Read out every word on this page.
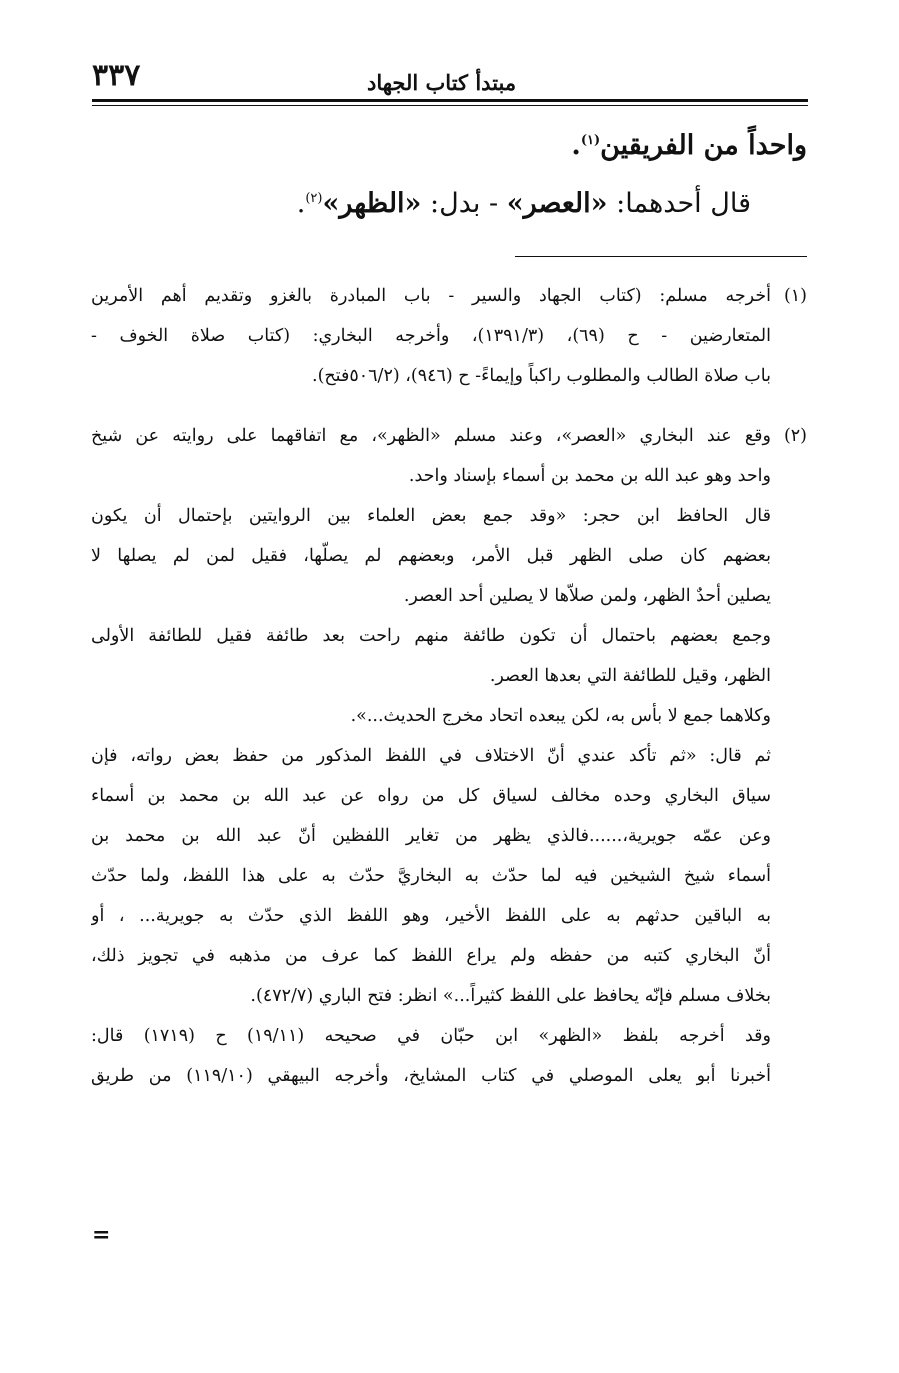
٣٣٧	مبتدأ كتاب الجهاد
واحداً من الفريقين$^{(١)}$.
قال أحدهما: «العصر» - بدل: «الظهر»$^{(٢)}$.
(١)أخرجه مسلم: (كتاب الجهاد والسير - باب المبادرة بالغزو وتقديم أهم الأمرين
المتعارضين - ح (٦٩)، (١٣٩١/٣)، وأخرجه البخاري: (كتاب صلاة الخوف -
باب صلاة الطالب والمطلوب راكباً وإيماءً- ح (٩٤٦)، (٥٠٦/٢فتح).
(٢)وقع عند البخاري «العصر»، وعند مسلم «الظهر»، مع اتفاقهما على روايته عن شيخ
واحد وهو عبد الله بن محمد بن أسماء بإسناد واحد.
قال الحافظ ابن حجر: «وقد جمع بعض العلماء بين الروايتين بإحتمال أن يكون
بعضهم كان صلى الظهر قبل الأمر، وبعضهم لم يصلّها، فقيل لمن لم يصلها لا
يصلين أحدٌ الظهر، ولمن صلاّها لا يصلين أحد العصر.
وجمع بعضهم باحتمال أن تكون طائفة منهم راحت بعد طائفة فقيل للطائفة الأولى
الظهر، وقيل للطائفة التي بعدها العصر.
وكلاهما جمع لا بأس به، لكن يبعده اتحاد مخرج الحديث...».
ثم قال: «ثم تأكد عندي أنّ الاختلاف في اللفظ المذكور من حفظ بعض رواته، فإن
سياق البخاري وحده مخالف لسياق كل من رواه عن عبد الله بن محمد بن أسماء
وعن عمّه جويرية،......فالذي يظهر من تغاير اللفظين أنّ عبد الله بن محمد بن
أسماء شيخ الشيخين فيه لما حدّث به البخاريَّ حدّث به على هذا اللفظ، ولما حدّث
به الباقين حدثهم به على اللفظ الأخير، وهو اللفظ الذي حدّث به جويرية... ، أو
أنّ البخاري كتبه من حفظه ولم يراع اللفظ كما عرف من مذهبه في تجويز ذلك،
بخلاف مسلم فإنّه يحافظ على اللفظ كثيراً...» انظر: فتح الباري (٤٧٢/٧).
وقد أخرجه بلفظ «الظهر» ابن حبّان في صحيحه (١٩/١١) ح (١٧١٩) قال:
أخبرنا أبو يعلى الموصلي في كتاب المشايخ، وأخرجه البيهقي (١١٩/١٠) من طريق
=
